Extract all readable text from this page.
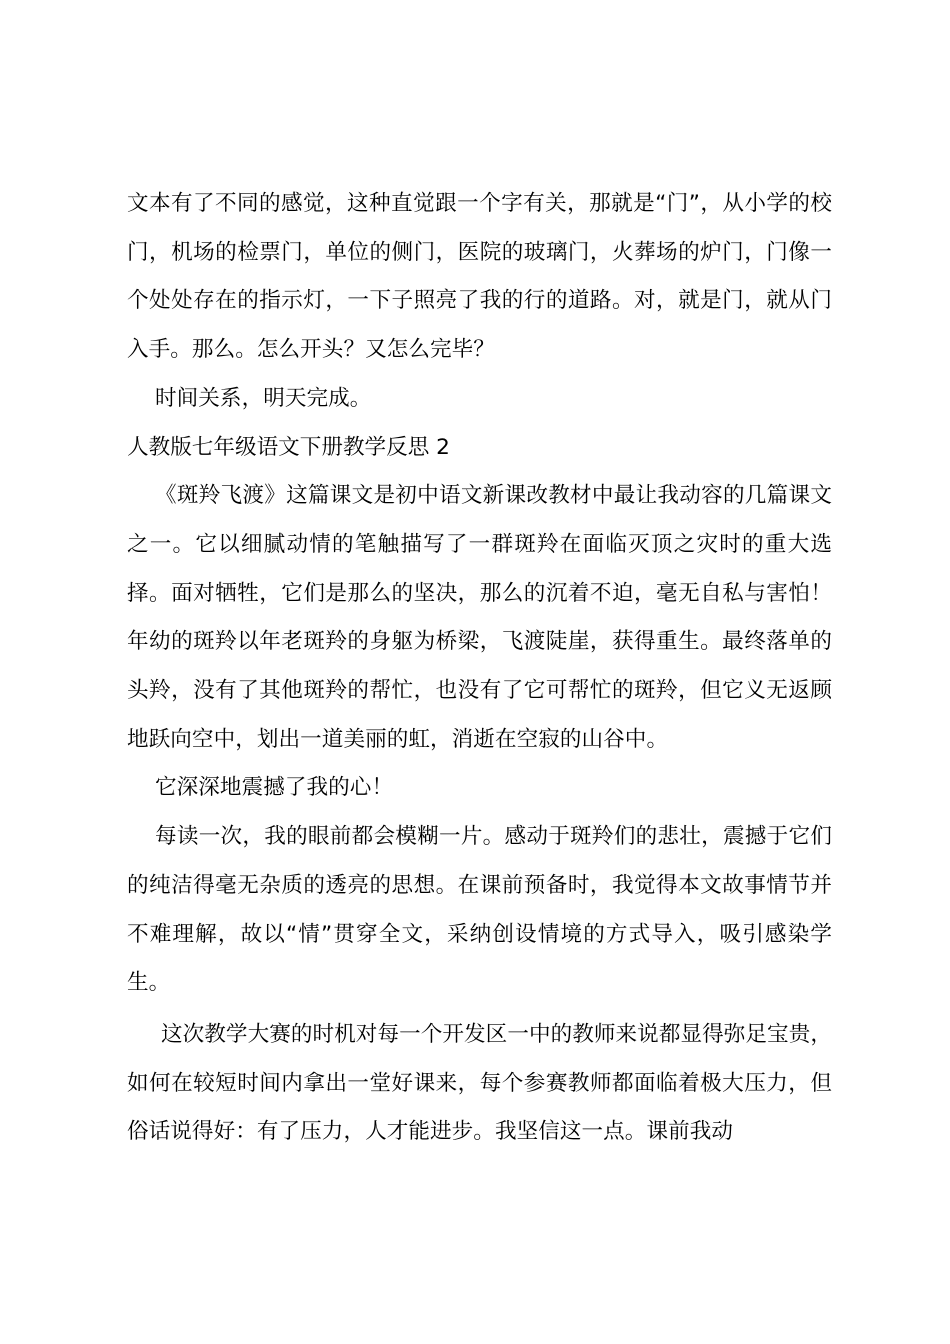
文本有了不同的感觉，这种直觉跟一个字有关，那就是“门”，从小学的校门，机场的检票门，单位的侧门，医院的玻璃门，火葬场的炉门，门像一个处处存在的指示灯，一下子照亮了我的行的道路。对，就是门，就从门入手。那么。怎么开头？又怎么完毕？

时间关系，明天完成。

人教版七年级语文下册教学反思 2

《斑羚飞渡》这篇课文是初中语文新课改教材中最让我动容的几篇课文之一。它以细腻动情的笔触描写了一群斑羚在面临灭顶之灾时的重大选择。面对牺牲，它们是那么的坚决，那么的沉着不迫，毫无自私与害怕！年幼的斑羚以年老斑羚的身躯为桥梁，飞渡陡崖，获得重生。最终落单的头羚，没有了其他斑羚的帮忙，也没有了它可帮忙的斑羚，但它义无返顾地跃向空中，划出一道美丽的虹，消逝在空寂的山谷中。

它深深地震撼了我的心！

每读一次，我的眼前都会模糊一片。感动于斑羚们的悲壮，震撼于它们的纯洁得毫无杂质的透亮的思想。在课前预备时，我觉得本文故事情节并不难理解，故以“情”贯穿全文，采纳创设情境的方式导入，吸引感染学生。

这次教学大赛的时机对每一个开发区一中的教师来说都显得弥足宝贵，如何在较短时间内拿出一堂好课来，每个参赛教师都面临着极大压力，但俗话说得好：有了压力，人才能进步。我坚信这一点。课前我动
